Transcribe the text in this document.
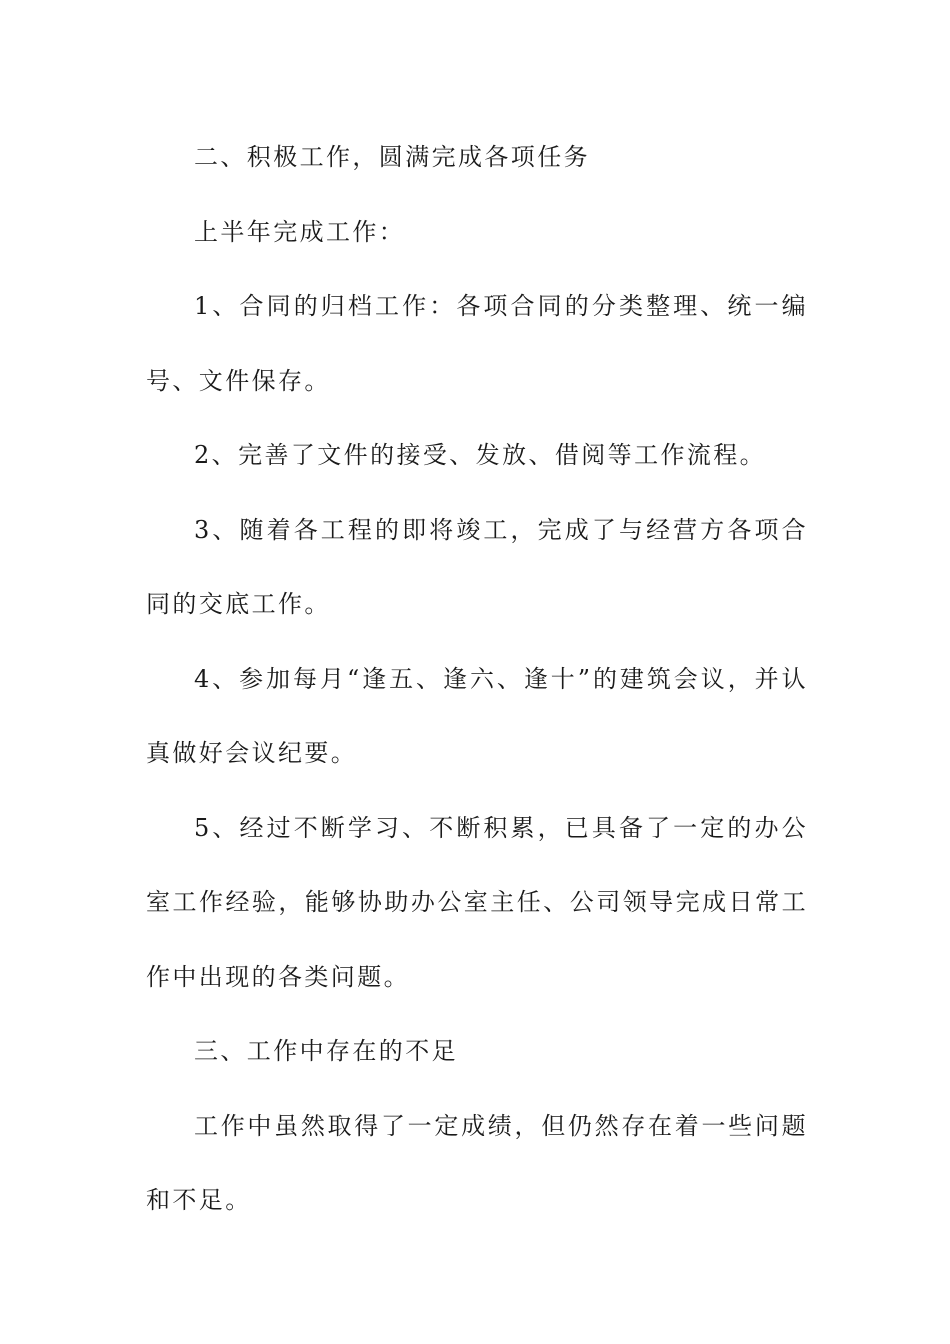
二、积极工作，圆满完成各项任务

上半年完成工作：

1、合同的归档工作：各项合同的分类整理、统一编号、文件保存。

2、完善了文件的接受、发放、借阅等工作流程。

3、随着各工程的即将竣工，完成了与经营方各项合同的交底工作。

4、参加每月“逢五、逢六、逢十”的建筑会议，并认真做好会议纪要。

5、经过不断学习、不断积累，已具备了一定的办公室工作经验，能够协助办公室主任、公司领导完成日常工作中出现的各类问题。

三、工作中存在的不足

工作中虽然取得了一定成绩，但仍然存在着一些问题和不足。
